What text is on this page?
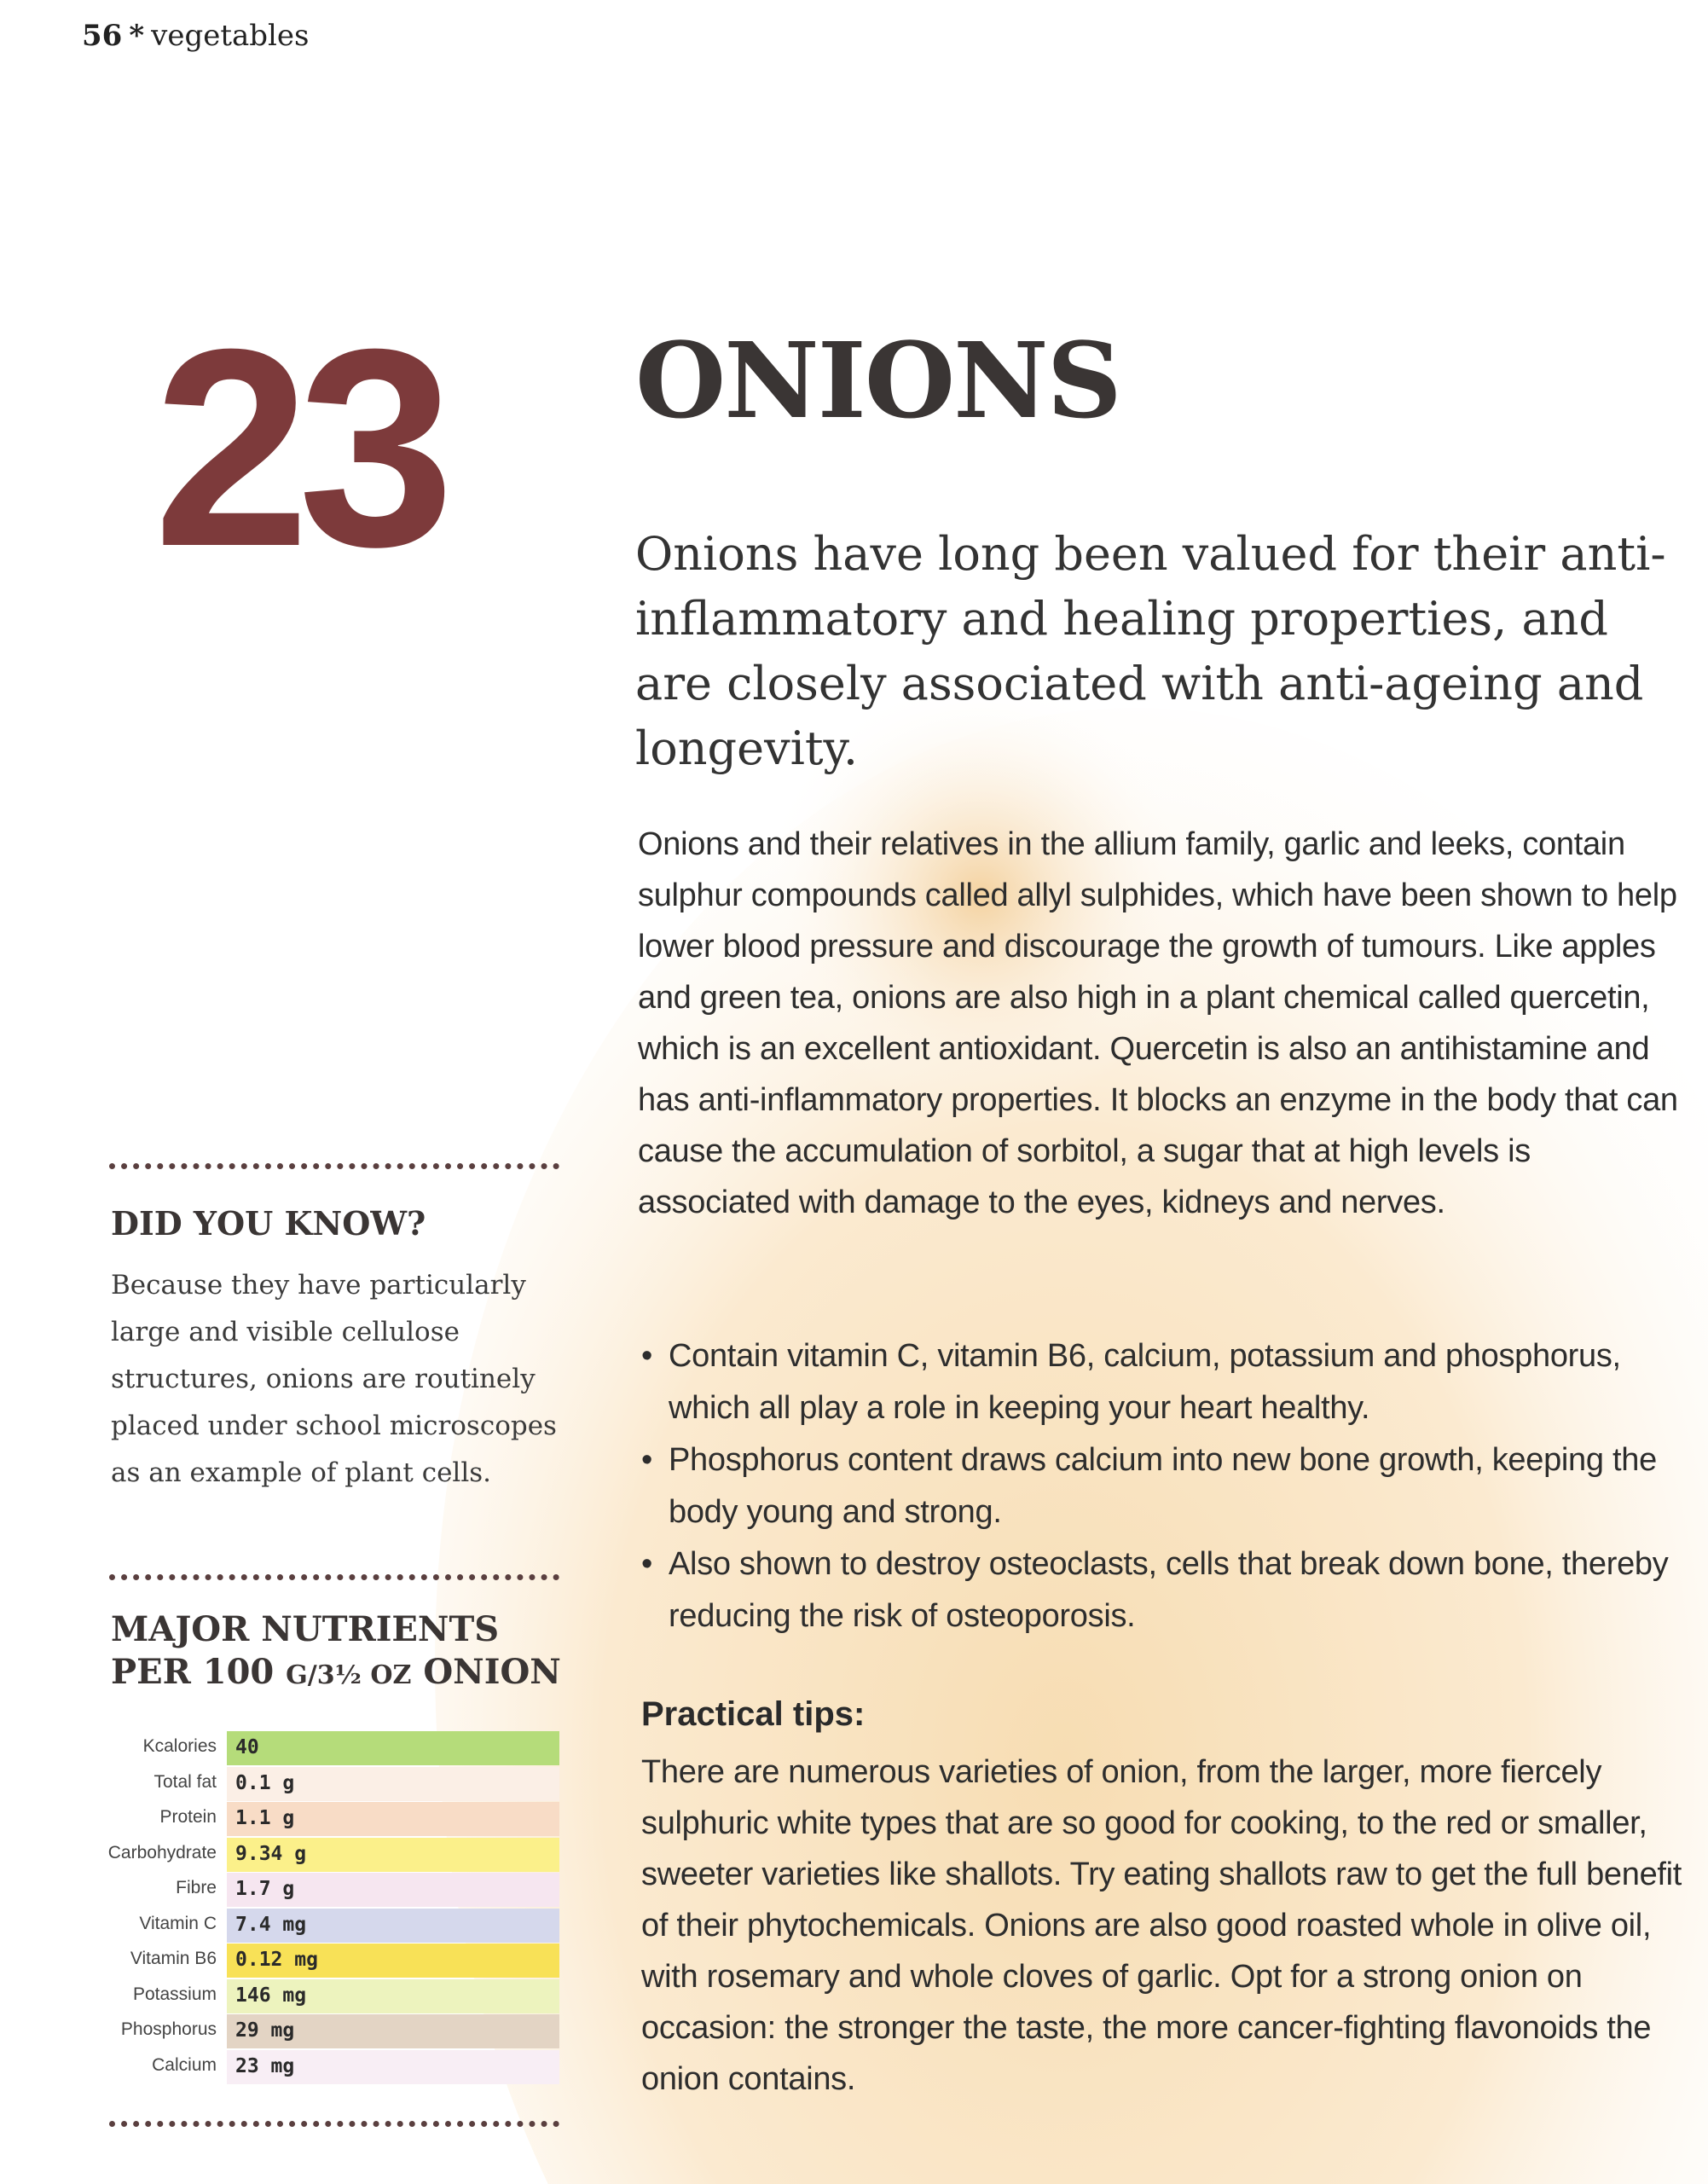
56 * vegetables
23 ONIONS

Onions have long been valued for their anti-inflammatory and healing properties, and are closely associated with anti-ageing and longevity.

Onions and their relatives in the allium family, garlic and leeks, contain sulphur compounds called allyl sulphides, which have been shown to help lower blood pressure and discourage the growth of tumours. Like apples and green tea, onions are also high in a plant chemical called quercetin, which is an excellent antioxidant. Quercetin is also an antihistamine and has anti-inflammatory properties. It blocks an enzyme in the body that can cause the accumulation of sorbitol, a sugar that at high levels is associated with damage to the eyes, kidneys and nerves.

• Contain vitamin C, vitamin B6, calcium, potassium and phosphorus, which all play a role in keeping your heart healthy.
• Phosphorus content draws calcium into new bone growth, keeping the body young and strong.
• Also shown to destroy osteoclasts, cells that break down bone, thereby reducing the risk of osteoporosis.
Practical tips:

There are numerous varieties of onion, from the larger, more fiercely sulphuric white types that are so good for cooking, to the red or smaller, sweeter varieties like shallots. Try eating shallots raw to get the full benefit of their phytochemicals. Onions are also good roasted whole in olive oil, with rosemary and whole cloves of garlic. Opt for a strong onion on occasion: the stronger the taste, the more cancer-fighting flavonoids the onion contains.

DID YOU KNOW?

Because they have particularly large and visible cellulose structures, onions are routinely placed under school microscopes as an example of plant cells.

MAJOR NUTRIENTS
PER 100 G/3½ OZ ONION
Kcalories 40
Total fat 0.1 g
Protein 1.1 g
Carbohydrate 9.34 g
Fibre 1.7 g
Vitamin C 7.4 mg
Vitamin B6 0.12 mg
Potassium 146 mg
Phosphorus 29 mg
Calcium 23 mg
